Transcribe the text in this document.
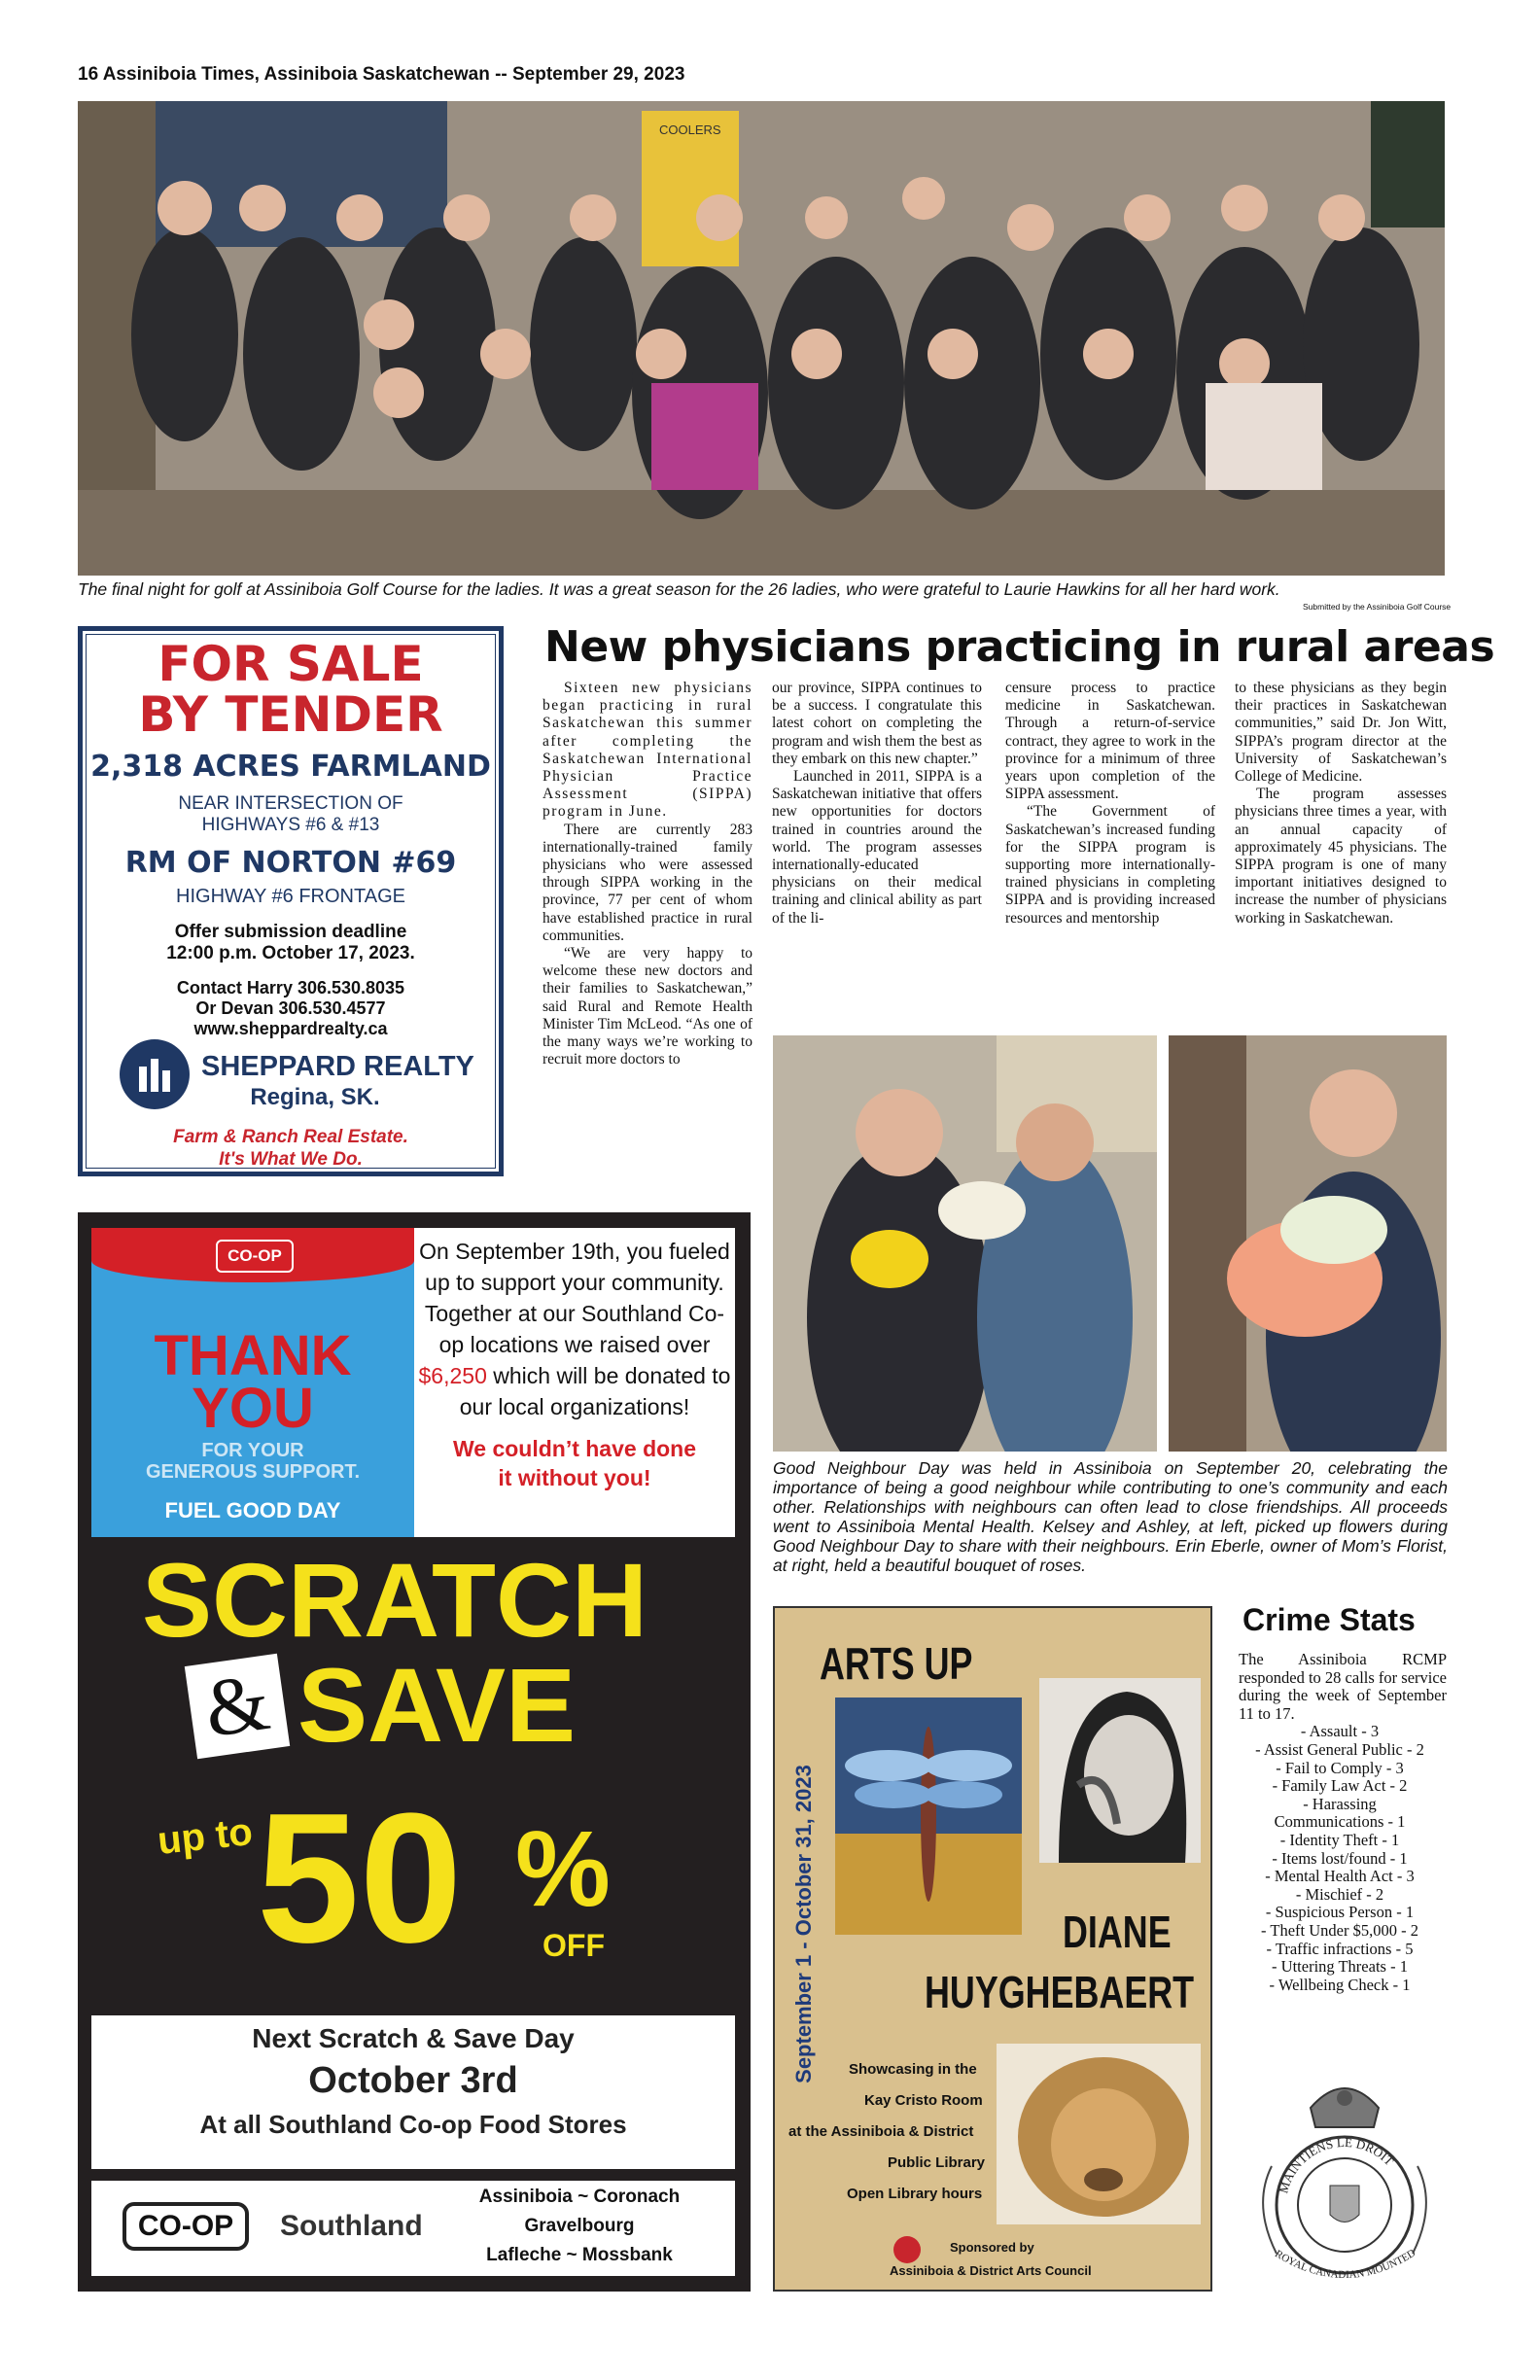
16 Assiniboia Times, Assiniboia Saskatchewan -- September 29, 2023
COOLERS
The final night for golf at Assiniboia Golf Course for the ladies. It was a great season for the 26 ladies, who were grateful to Laurie Hawkins for all her hard work.
Submitted by the Assiniboia Golf Course
FOR SALE
BY TENDER
2,318 ACRES FARMLAND
NEAR INTERSECTION OF
HIGHWAYS #6 & #13
RM OF NORTON #69
HIGHWAY #6 FRONTAGE
Offer submission deadline
12:00 p.m. October 17, 2023.
Contact Harry 306.530.8035
Or Devan 306.530.4577
www.sheppardrealty.ca
SHEPPARD REALTY
Regina, SK.
Farm & Ranch Real Estate.
It's What We Do.
New physicians practicing in rural areas

Sixteen new physicians began practicing in rural Saskatchewan this summer after completing the Saskatchewan International Physician Practice Assessment (SIPPA) program in June.

There are currently 283 internationally-trained family physicians who were assessed through SIPPA working in the province, 77 per cent of whom have established practice in rural communities.

“We are very happy to welcome these new doctors and their families to Saskatchewan,” said Rural and Remote Health Minister Tim McLeod. “As one of the many ways we’re working to recruit more doctors to

our province, SIPPA continues to be a success. I congratulate this latest cohort on completing the program and wish them the best as they embark on this new chapter.”

Launched in 2011, SIPPA is a Saskatchewan initiative that offers new opportunities for doctors trained in countries around the world. The program assesses internationally-educated physicians on their medical training and clinical ability as part of the li-

censure process to practice medicine in Saskatchewan. Through a return-of-service contract, they agree to work in the province for a minimum of three years upon completion of the SIPPA assessment.

“The Government of Saskatchewan’s increased funding for the SIPPA program is supporting more internationally-trained physicians in completing SIPPA and is providing increased resources and mentorship

to these physicians as they begin their practices in Saskatchewan communities,” said Dr. Jon Witt, SIPPA’s program director at the University of Saskatchewan’s College of Medicine.

The program assesses physicians three times a year, with an annual capacity of approximately 45 physicians. The SIPPA program is one of many important initiatives designed to increase the number of physicians working in Saskatchewan.

Good Neighbour Day was held in Assiniboia on September 20, celebrating the importance of being a good neighbour while contributing to one’s community and each other. Relationships with neighbours can often lead to close friendships. All proceeds went to Assiniboia Mental Health. Kelsey and Ashley, at left, picked up flowers during Good Neighbour Day to share with their neighbours. Erin Eberle, owner of Mom’s Florist, at right, held a beautiful bouquet of roses.
CO-OP
THANK
YOU
FOR YOUR
GENEROUS SUPPORT.
FUEL GOOD DAY
On September 19th, you fueled up to support your community. Together at our Southland Co-op locations we raised over $6,250 which will be donated to our local organizations!
We couldn’t have done it without you!
SCRATCH
& SAVE
up to 50 %
OFF
Next Scratch & Save Day
October 3rd
At all Southland Co-op Food Stores
CO-OP	Southland
Assiniboia ~ Coronach
Gravelbourg
Lafleche ~ Mossbank
September 1 - October 31, 2023
ARTS UP
DIANE
HUYGHEBAERT
Showcasing in the
Kay Cristo Room
at the Assiniboia & District
Public Library
Open Library hours
Sponsored by
Assiniboia & District Arts Council
Crime Stats
The Assiniboia RCMP responded to 28 calls for service during the week of September 11 to 17.
- Assault - 3
- Assist General Public - 2
- Fail to Comply - 3
- Family Law Act - 2
- Harassing
Communications - 1
- Identity Theft - 1
- Items lost/found - 1
- Mental Health Act - 3
- Mischief - 2
- Suspicious Person - 1
- Theft Under $5,000 - 2
- Traffic infractions - 5
- Uttering Threats - 1
- Wellbeing Check - 1
MAINTIENS LE DROIT
ROYAL CANADIAN MOUNTED
